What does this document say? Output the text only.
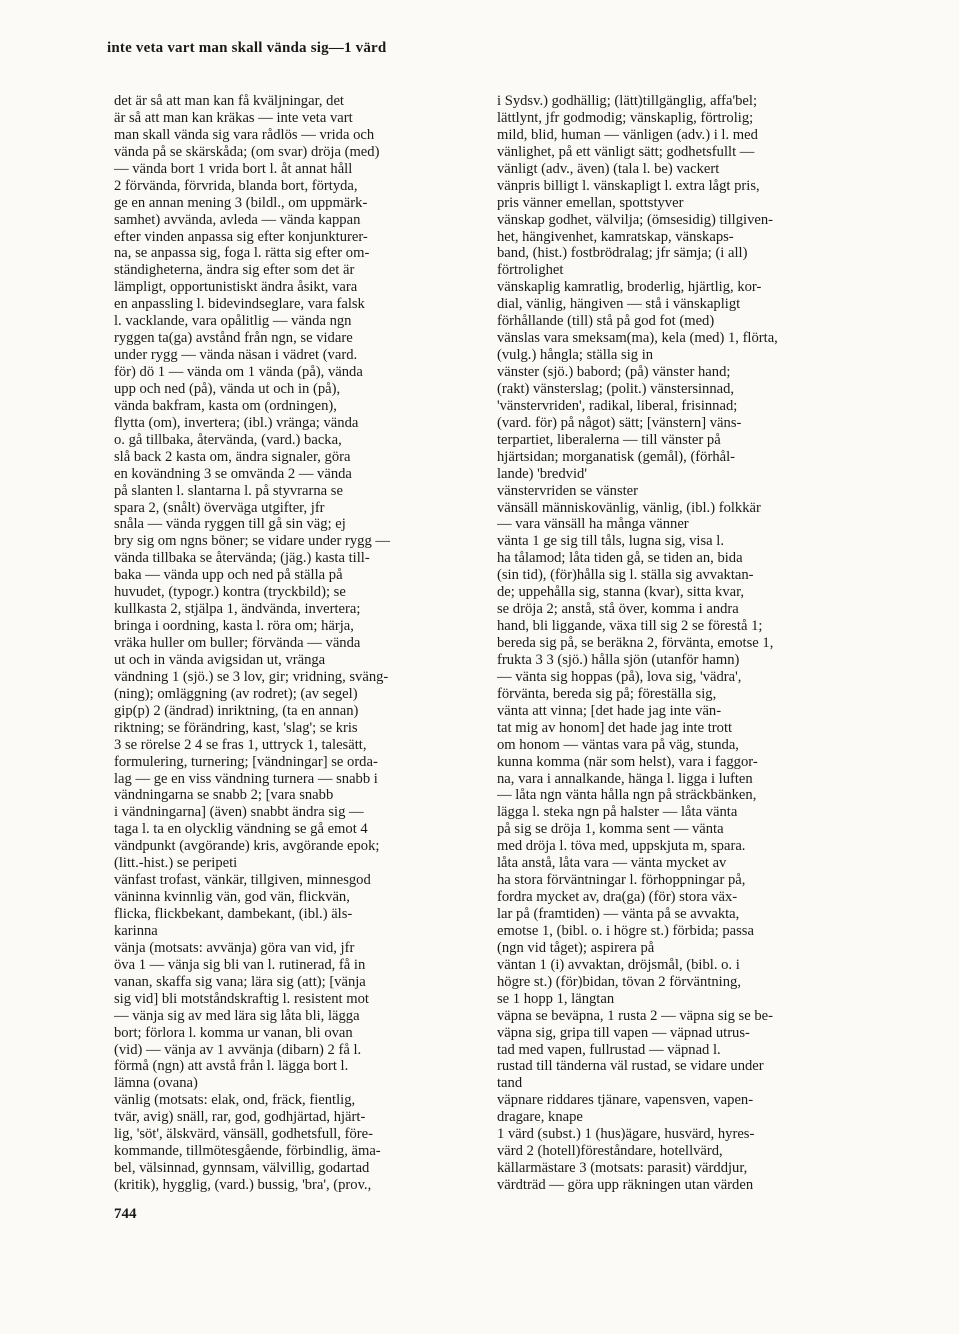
inte veta vart man skall vända sig—1 värd
det är så att man kan få kväljningar, det
är så att man kan kräkas — inte veta vart
man skall vända sig vara rådlös — vrida och
vända på se skärskåda; (om svar) dröja (med)
— vända bort 1 vrida bort l. åt annat håll
2 förvända, förvrida, blanda bort, förtyda,
ge en annan mening 3 (bildl., om uppmärk-
samhet) avvända, avleda — vända kappan
efter vinden anpassa sig efter konjunkturer-
na, se anpassa sig, foga l. rätta sig efter om-
ständigheterna, ändra sig efter som det är
lämpligt, opportunistiskt ändra åsikt, vara
en anpassling l. bidevindseglare, vara falsk
l. vacklande, vara opålitlig — vända ngn
ryggen ta(ga) avstånd från ngn, se vidare
under rygg — vända näsan i vädret (vard.
för) dö 1 — vända om 1 vända (på), vända
upp och ned (på), vända ut och in (på),
vända bakfram, kasta om (ordningen),
flytta (om), invertera; (ibl.) vränga; vända
o. gå tillbaka, återvända, (vard.) backa,
slå back 2 kasta om, ändra signaler, göra
en kovändning 3 se omvända 2 — vända
på slanten l. slantarna l. på styvrarna se
spara 2, (snålt) överväga utgifter, jfr
snåla — vända ryggen till gå sin väg; ej
bry sig om ngns böner; se vidare under rygg —
vända tillbaka se återvända; (jäg.) kasta till-
baka — vända upp och ned på ställa på
huvudet, (typogr.) kontra (tryckbild); se
kullkasta 2, stjälpa 1, ändvända, invertera;
bringa i oordning, kasta l. röra om; härja,
vräka huller om buller; förvända — vända
ut och in vända avigsidan ut, vränga
vändning 1 (sjö.) se 3 lov, gir; vridning, sväng-
(ning); omläggning (av rodret); (av segel)
gip(p) 2 (ändrad) inriktning, (ta en annan)
riktning; se förändring, kast, 'slag'; se kris
3 se rörelse 2 4 se fras 1, uttryck 1, talesätt,
formulering, turnering; [vändningar] se orda-
lag — ge en viss vändning turnera — snabb i
vändningarna se snabb 2; [vara snabb
i vändningarna] (även) snabbt ändra sig —
taga l. ta en olycklig vändning se gå emot 4
vändpunkt (avgörande) kris, avgörande epok;
(litt.-hist.) se peripeti
vänfast trofast, vänkär, tillgiven, minnesgod
väninna kvinnlig vän, god vän, flickvän,
flicka, flickbekant, dambekant, (ibl.) äls-
karinna
vänja (motsats: avvänja) göra van vid, jfr
öva 1 — vänja sig bli van l. rutinerad, få in
vanan, skaffa sig vana; lära sig (att); [vänja
sig vid] bli motståndskraftig l. resistent mot
— vänja sig av med lära sig låta bli, lägga
bort; förlora l. komma ur vanan, bli ovan
(vid) — vänja av 1 avvänja (dibarn) 2 få l.
förmå (ngn) att avstå från l. lägga bort l.
lämna (ovana)
vänlig (motsats: elak, ond, fräck, fientlig,
tvär, avig) snäll, rar, god, godhjärtad, hjärt-
lig, 'söt', älskvärd, vänsäll, godhetsfull, före-
kommande, tillmötesgående, förbindlig, äma-
bel, välsinnad, gynnsam, välvillig, godartad
(kritik), hygglig, (vard.) bussig, 'bra', (prov.,
i Sydsv.) godhällig; (lätt)tillgänglig, affa'bel;
lättlynt, jfr godmodig; vänskaplig, förtrolig;
mild, blid, human — vänligen (adv.) i l. med
vänlighet, på ett vänligt sätt; godhetsfullt —
vänligt (adv., även) (tala l. be) vackert
vänpris billigt l. vänskapligt l. extra lågt pris,
pris vänner emellan, spottstyver
vänskap godhet, välvilja; (ömsesidig) tillgiven-
het, hängivenhet, kamratskap, vänskaps-
band, (hist.) fostbrödralag; jfr sämja; (i all)
förtrolighet
vänskaplig kamratlig, broderlig, hjärtlig, kor-
dial, vänlig, hängiven — stå i vänskapligt
förhållande (till) stå på god fot (med)
vänslas vara smeksam(ma), kela (med) 1, flörta,
(vulg.) hångla; ställa sig in
vänster (sjö.) babord; (på) vänster hand;
(rakt) vänsterslag; (polit.) vänstersinnad,
'vänstervriden', radikal, liberal, frisinnad;
(vard. för) på något) sätt; [vänstern] väns-
terpartiet, liberalerna — till vänster på
hjärtsidan; morganatisk (gemål), (förhål-
lande) 'bredvid'
vänstervriden se vänster
vänsäll människovänlig, vänlig, (ibl.) folkkär
— vara vänsäll ha många vänner
vänta 1 ge sig till tåls, lugna sig, visa l.
ha tålamod; låta tiden gå, se tiden an, bida
(sin tid), (för)hålla sig l. ställa sig avvaktan-
de; uppehålla sig, stanna (kvar), sitta kvar,
se dröja 2; anstå, stå över, komma i andra
hand, bli liggande, växa till sig 2 se förestå 1;
bereda sig på, se beräkna 2, förvänta, emotse 1,
frukta 3 3 (sjö.) hålla sjön (utanför hamn)
— vänta sig hoppas (på), lova sig, 'vädra',
förvänta, bereda sig på; föreställa sig,
vänta att vinna; [det hade jag inte vän-
tat mig av honom] det hade jag inte trott
om honom — väntas vara på väg, stunda,
kunna komma (när som helst), vara i faggor-
na, vara i annalkande, hänga l. ligga i luften
— låta ngn vänta hålla ngn på sträckbänken,
lägga l. steka ngn på halster — låta vänta
på sig se dröja 1, komma sent — vänta
med dröja l. töva med, uppskjuta m, spara.
låta anstå, låta vara — vänta mycket av
ha stora förväntningar l. förhoppningar på,
fordra mycket av, dra(ga) (för) stora väx-
lar på (framtiden) — vänta på se avvakta,
emotse 1, (bibl. o. i högre st.) förbida; passa
(ngn vid tåget); aspirera på
väntan 1 (i) avvaktan, dröjsmål, (bibl. o. i
högre st.) (för)bidan, tövan 2 förväntning,
se 1 hopp 1, längtan
väpna se beväpna, 1 rusta 2 — väpna sig se be-
väpna sig, gripa till vapen — väpnad utrus-
tad med vapen, fullrustad — väpnad l.
rustad till tänderna väl rustad, se vidare under
tand
väpnare riddares tjänare, vapensven, vapen-
dragare, knape
1 värd (subst.) 1 (hus)ägare, husvärd, hyres-
värd 2 (hotell)föreståndare, hotellvärd,
källarmästare 3 (motsats: parasit) värddjur,
värdträd — göra upp räkningen utan värden
744
